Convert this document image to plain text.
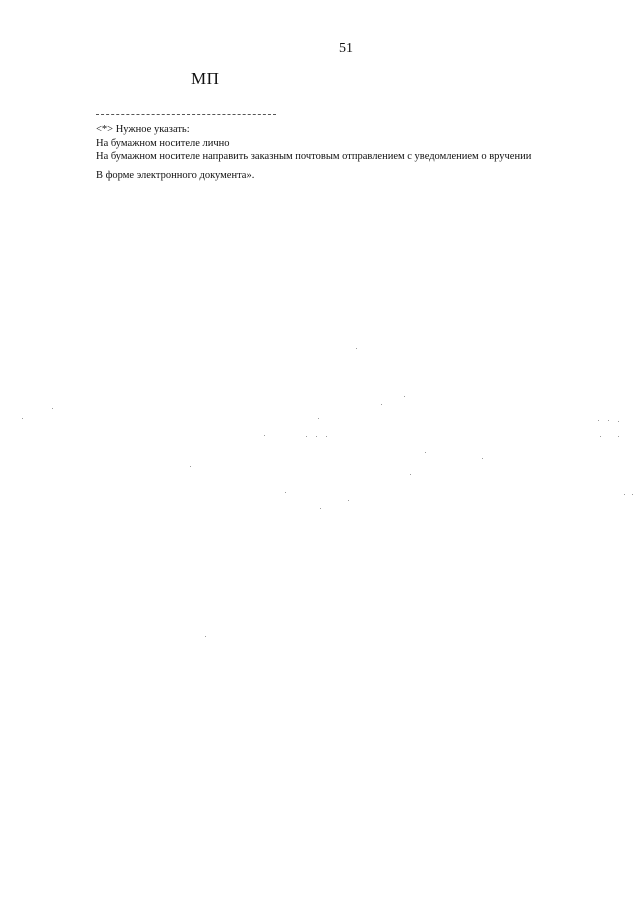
51
МП
<*> Нужное указать:
На бумажном носителе лично
На бумажном носителе направить заказным почтовым отправлением с уведомлением о вручении
В форме электронного документа».
